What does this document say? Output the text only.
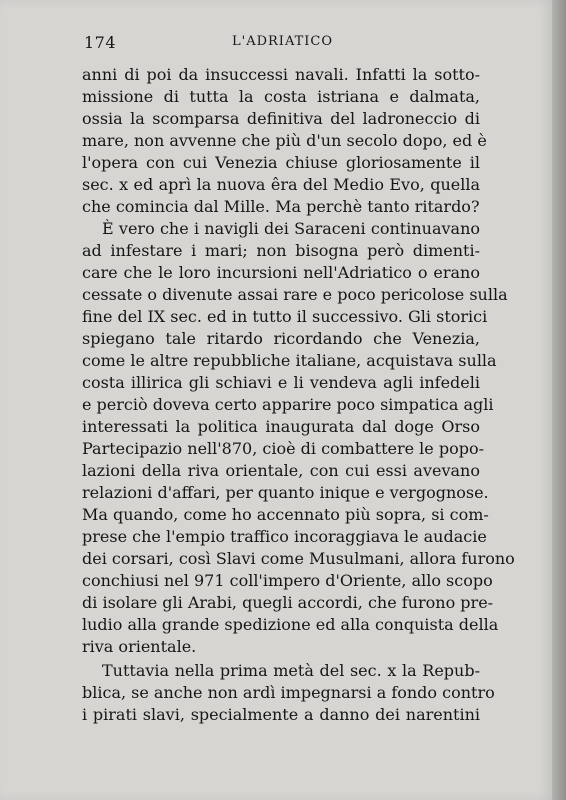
174	L'ADRIATICO
anni di poi da insuccessi navali. Infatti la sotto-
missione di tutta la costa istriana e dalmata,
ossia la scomparsa definitiva del ladroneccio di
mare, non avvenne che più d'un secolo dopo, ed è
l'opera con cui Venezia chiuse gloriosamente il
sec. x ed aprì la nuova êra del Medio Evo, quella
che comincia dal Mille. Ma perchè tanto ritardo?
È vero che i navigli dei Saraceni continuavano
ad infestare i mari; non bisogna però dimenti-
care che le loro incursioni nell'Adriatico o erano
cessate o divenute assai rare e poco pericolose sulla
fine del IX sec. ed in tutto il successivo. Gli storici
spiegano tale ritardo ricordando che Venezia,
come le altre repubbliche italiane, acquistava sulla
costa illirica gli schiavi e li vendeva agli infedeli
e perciò doveva certo apparire poco simpatica agli
interessati la politica inaugurata dal doge Orso
Partecipazio nell'870, cioè di combattere le popo-
lazioni della riva orientale, con cui essi avevano
relazioni d'affari, per quanto inique e vergognose.
Ma quando, come ho accennato più sopra, si com-
prese che l'empio traffico incoraggiava le audacie
dei corsari, così Slavi come Musulmani, allora furono
conchiusi nel 971 coll'impero d'Oriente, allo scopo
di isolare gli Arabi, quegli accordi, che furono pre-
ludio alla grande spedizione ed alla conquista della
riva orientale.
Tuttavia nella prima metà del sec. x la Repub-
blica, se anche non ardì impegnarsi a fondo contro
i pirati slavi, specialmente a danno dei narentini
